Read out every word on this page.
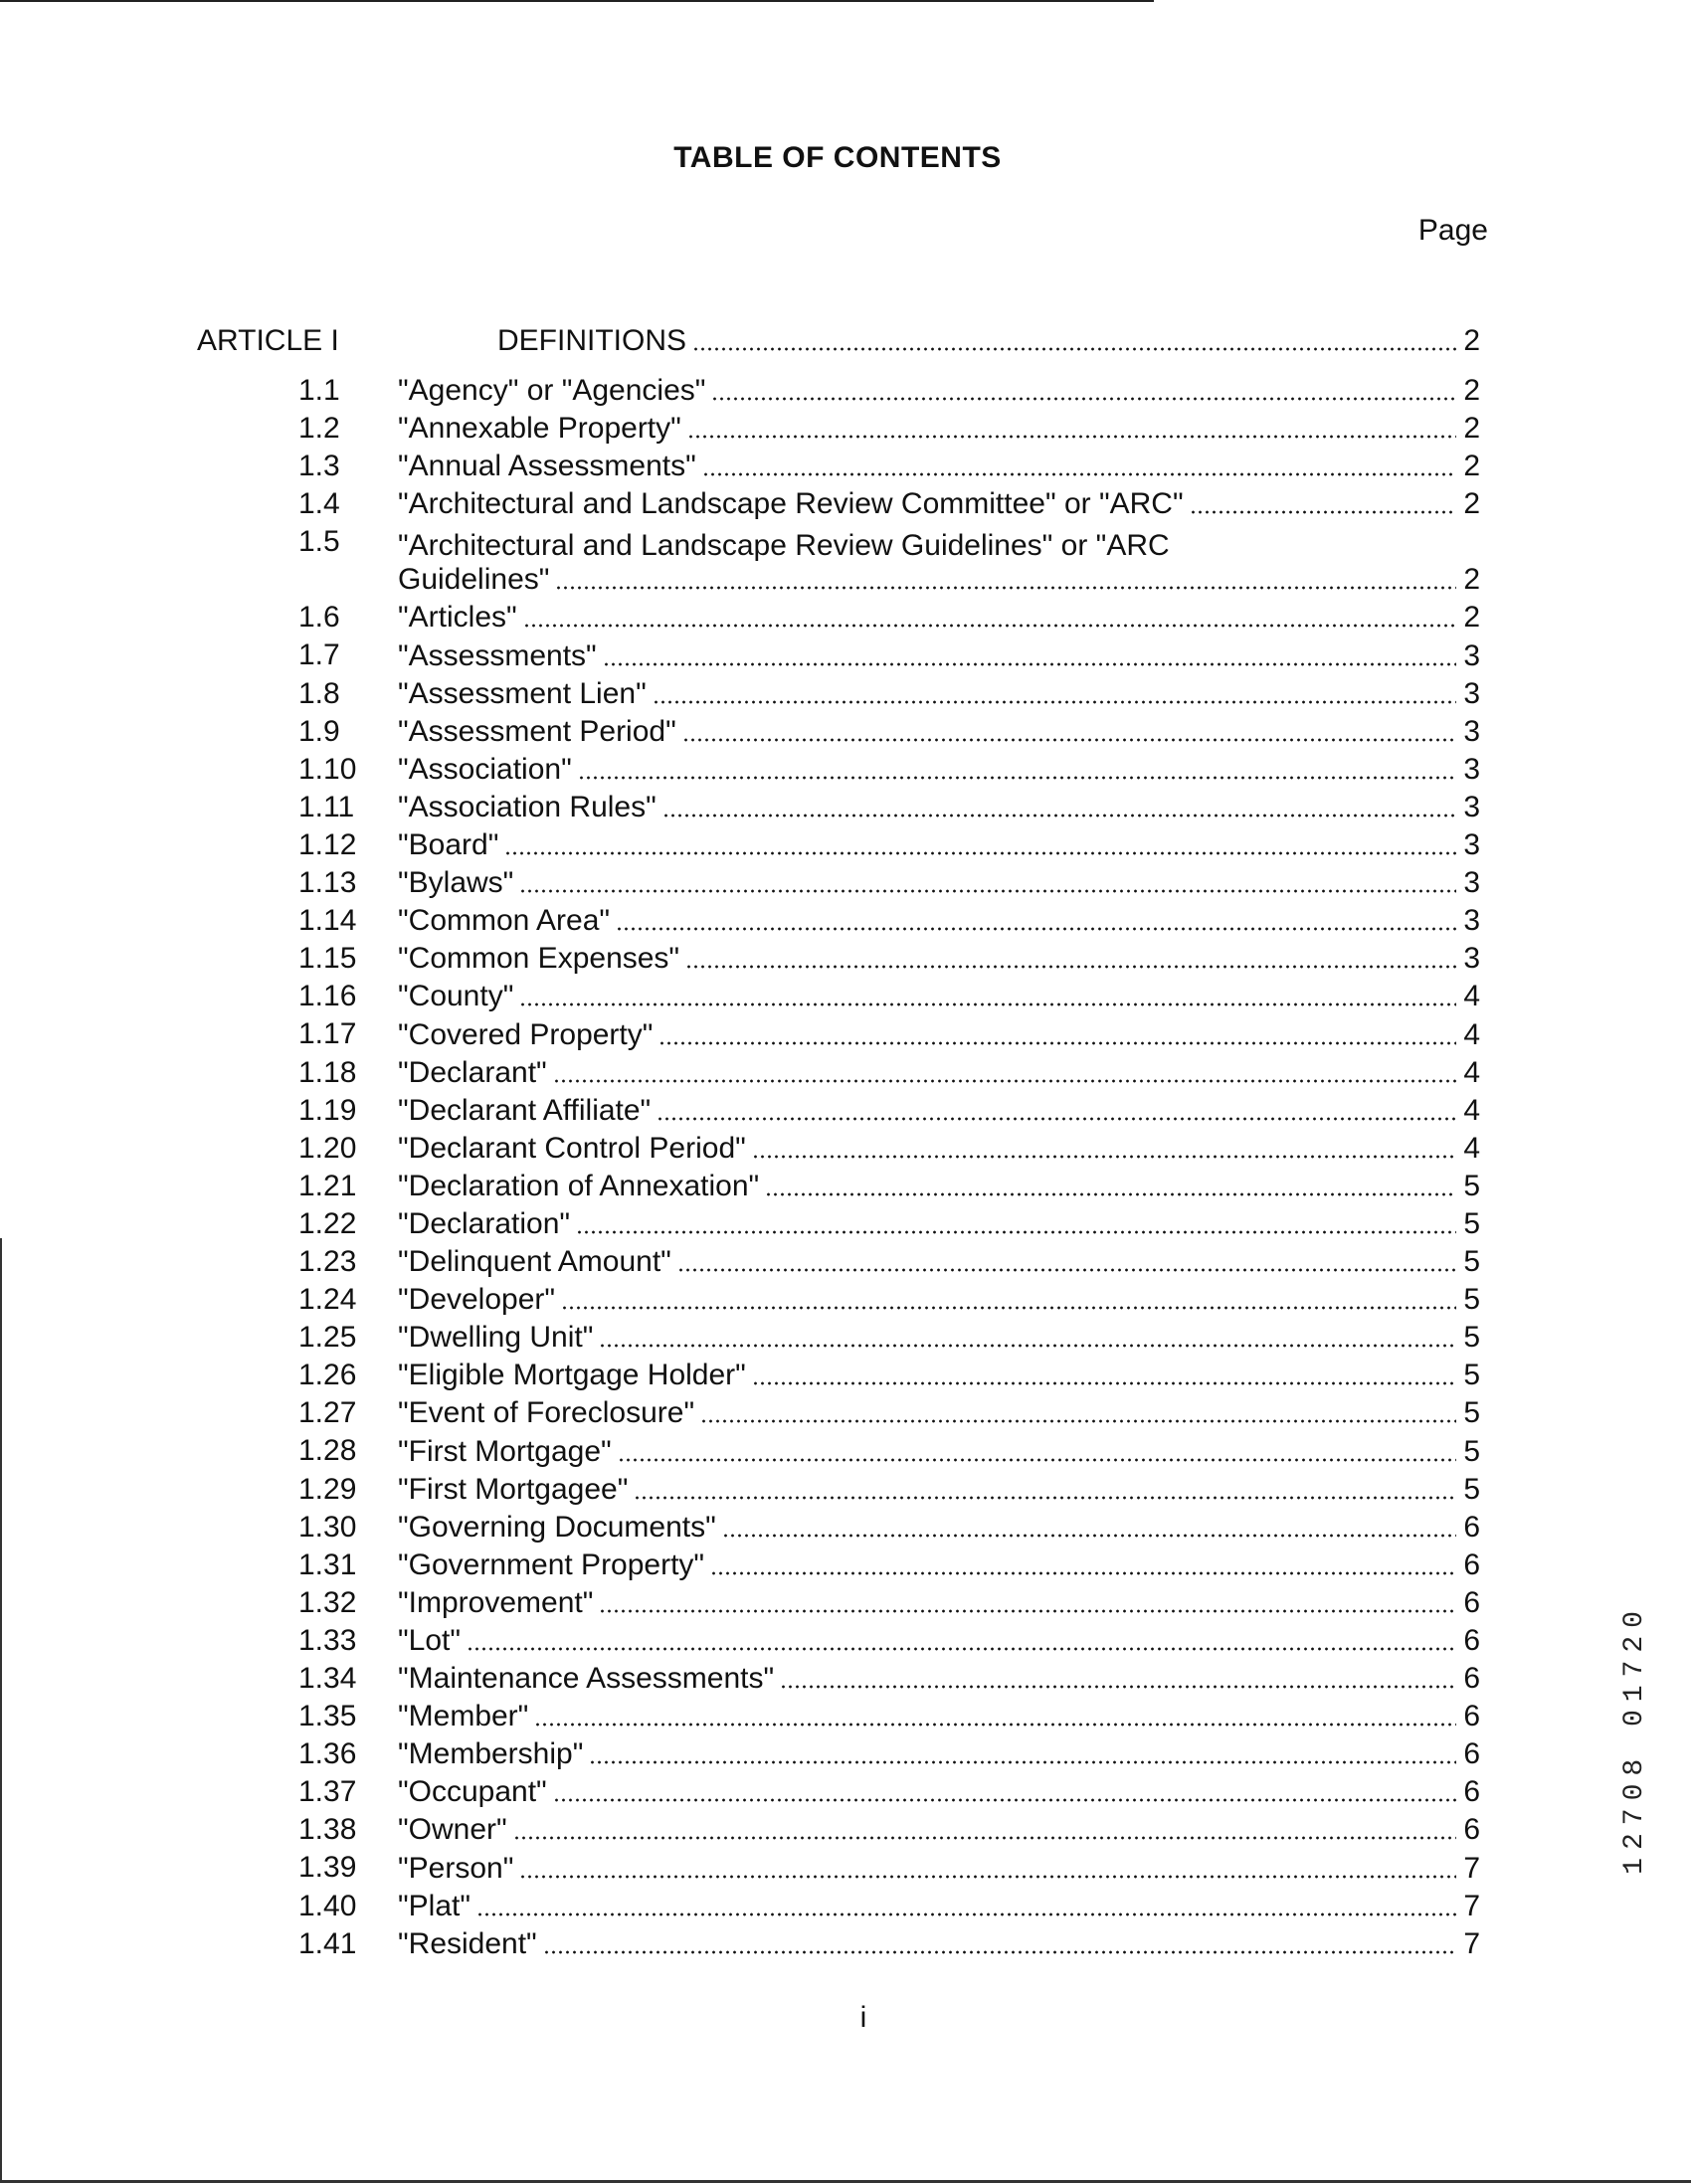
TABLE OF CONTENTS
Page
ARTICLE I	DEFINITIONS	2
1.1	"Agency" or "Agencies"	2
1.2	"Annexable Property"	2
1.3	"Annual Assessments"	2
1.4	"Architectural and Landscape Review Committee" or "ARC"	2
1.5	"Architectural and Landscape Review Guidelines" or "ARC
Guidelines"	2
1.6	"Articles"	2
1.7	"Assessments"	3
1.8	"Assessment Lien"	3
1.9	"Assessment Period"	3
1.10	"Association"	3
1.11	"Association Rules"	3
1.12	"Board"	3
1.13	"Bylaws"	3
1.14	"Common Area"	3
1.15	"Common Expenses"	3
1.16	"County"	4
1.17	"Covered Property"	4
1.18	"Declarant"	4
1.19	"Declarant Affiliate"	4
1.20	"Declarant Control Period"	4
1.21	"Declaration of Annexation"	5
1.22	"Declaration"	5
1.23	"Delinquent Amount"	5
1.24	"Developer"	5
1.25	"Dwelling Unit"	5
1.26	"Eligible Mortgage Holder"	5
1.27	"Event of Foreclosure"	5
1.28	"First Mortgage"	5
1.29	"First Mortgagee"	5
1.30	"Governing Documents"	6
1.31	"Government Property"	6
1.32	"Improvement"	6
1.33	"Lot"	6
1.34	"Maintenance Assessments"	6
1.35	"Member"	6
1.36	"Membership"	6
1.37	"Occupant"	6
1.38	"Owner"	6
1.39	"Person"	7
1.40	"Plat"	7
1.41	"Resident"	7
i
12708 01720
